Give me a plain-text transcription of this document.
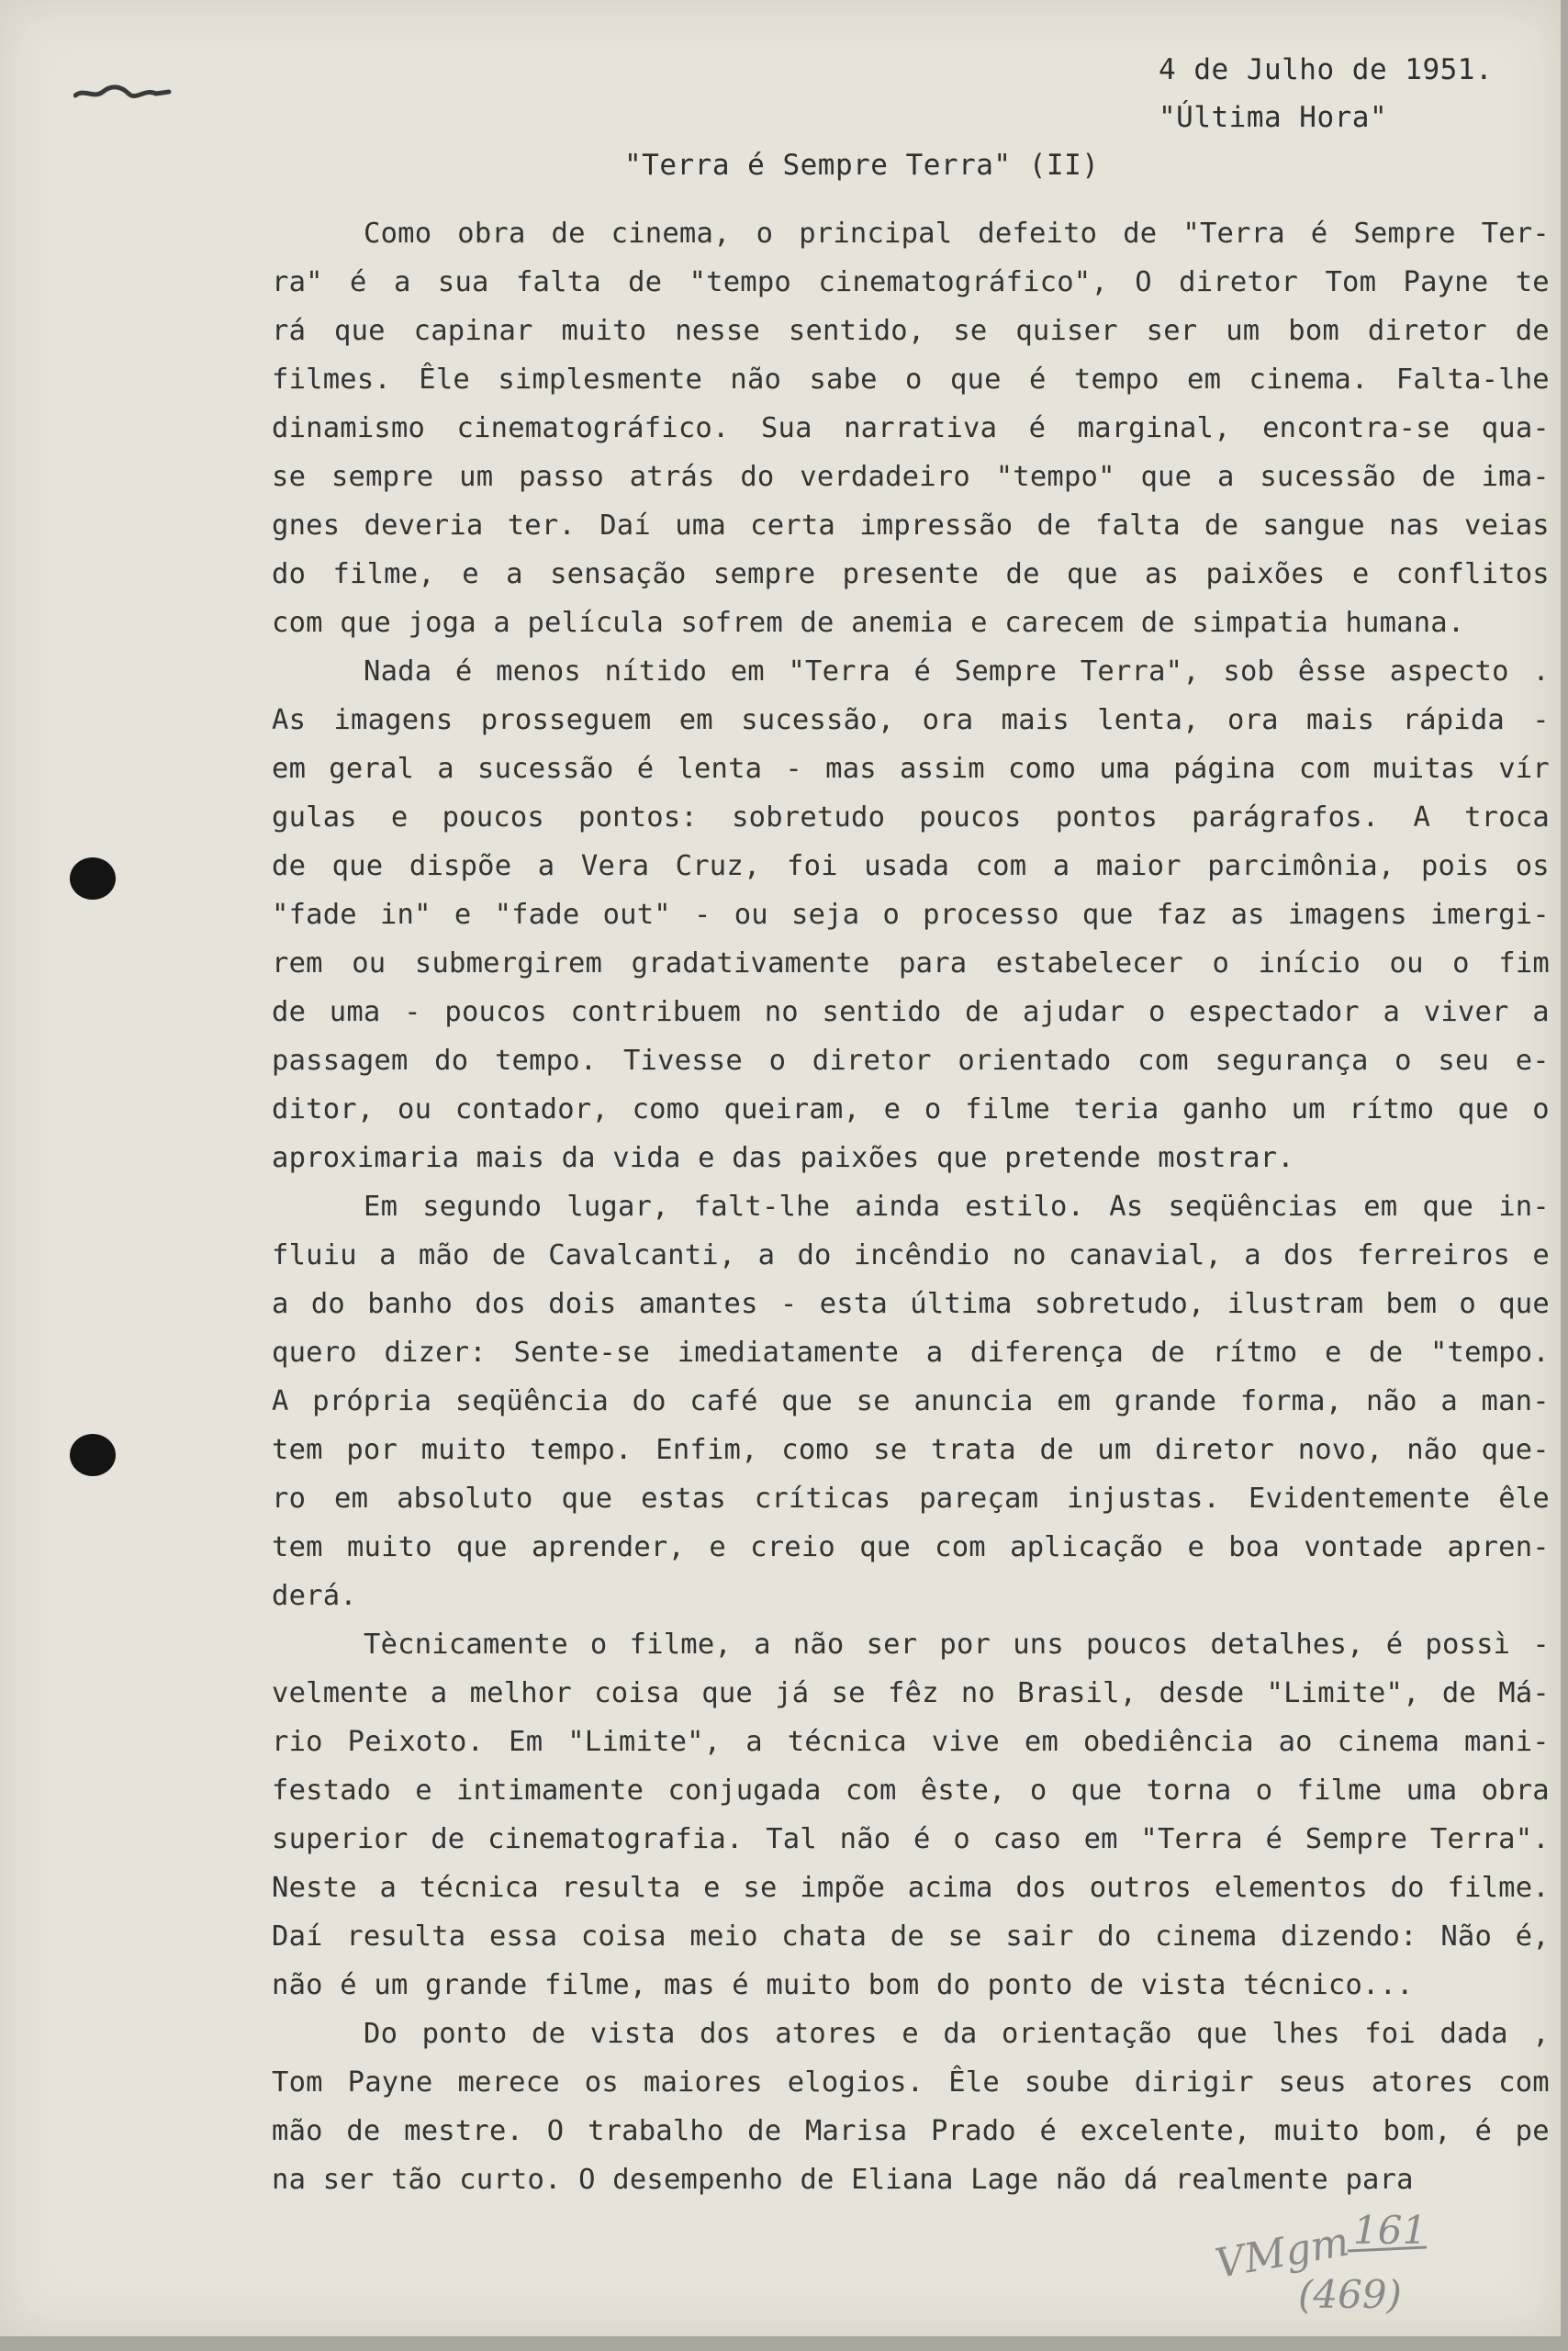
4 de Julho de 1951.
"Última Hora"
"Terra é Sempre Terra" (II)
Como obra de cinema, o principal defeito de "Terra é Sempre Ter-
ra" é a sua falta de "tempo cinematográfico", O diretor Tom Payne te
rá que capinar muito nesse sentido, se quiser ser um bom diretor de
filmes. Êle simplesmente não sabe o que é tempo em cinema. Falta-lhe
dinamismo cinematográfico. Sua narrativa é marginal, encontra-se qua-
se sempre um passo atrás do verdadeiro "tempo" que a sucessão de ima-
gnes deveria ter. Daí uma certa impressão de falta de sangue nas veias
do filme, e a sensação sempre presente de que as paixões e conflitos
com que joga a película sofrem de anemia e carecem de simpatia humana.
Nada é menos nítido em "Terra é Sempre Terra", sob êsse aspecto .
As imagens prosseguem em sucessão, ora mais lenta, ora mais rápida -
em geral a sucessão é lenta - mas assim como uma página com muitas vír
gulas e poucos pontos: sobretudo poucos pontos parágrafos. A troca
de que dispõe a Vera Cruz, foi usada com a maior parcimônia, pois os
"fade in" e "fade out" - ou seja o processo que faz as imagens imergi-
rem ou submergirem gradativamente para estabelecer o início ou o fim
de uma - poucos contribuem no sentido de ajudar o espectador a viver a
passagem do tempo. Tivesse o diretor orientado com segurança o seu e-
ditor, ou contador, como queiram, e o filme teria ganho um rítmo que o
aproximaria mais da vida e das paixões que pretende mostrar.
Em segundo lugar, falt-lhe ainda estilo. As seqüências em que in-
fluiu a mão de Cavalcanti, a do incêndio no canavial, a dos ferreiros e
a do banho dos dois amantes - esta última sobretudo, ilustram bem o que
quero dizer: Sente-se imediatamente a diferença de rítmo e de "tempo.
A própria seqüência do café que se anuncia em grande forma, não a man-
tem por muito tempo. Enfim, como se trata de um diretor novo, não que-
ro em absoluto que estas críticas pareçam injustas. Evidentemente êle
tem muito que aprender, e creio que com aplicação e boa vontade apren-
derá.
Tècnicamente o filme, a não ser por uns poucos detalhes, é possì -
velmente a melhor coisa que já se fêz no Brasil, desde "Limite", de Má-
rio Peixoto. Em "Limite", a técnica vive em obediência ao cinema mani-
festado e intimamente conjugada com êste, o que torna o filme uma obra
superior de cinematografia. Tal não é o caso em "Terra é Sempre Terra".
Neste a técnica resulta e se impõe acima dos outros elementos do filme.
Daí resulta essa coisa meio chata de se sair do cinema dizendo: Não é,
não é um grande filme, mas é muito bom do ponto de vista técnico...
Do ponto de vista dos atores e da orientação que lhes foi dada ,
Tom Payne merece os maiores elogios. Êle soube dirigir seus atores com
mão de mestre. O trabalho de Marisa Prado é excelente, muito bom, é pe
na ser tão curto. O desempenho de Eliana Lage não dá realmente para
VMgm 161
(469)
